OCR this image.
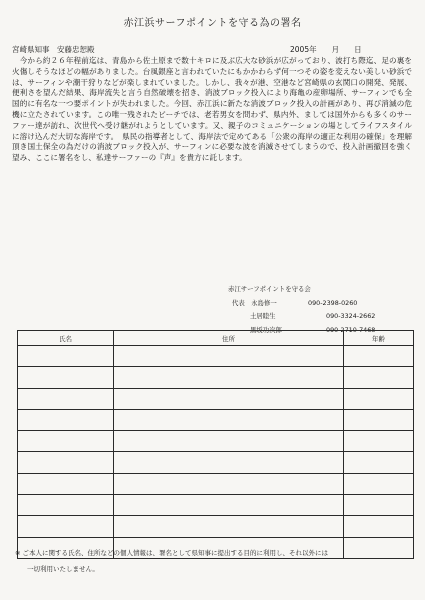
赤江浜サーフポイントを守る為の署名
宮崎県知事　安藤忠恕殿	2005年　　月　　日

　今から約２６年程前迄は、青島から佐土原まで数十キロに及ぶ広大な砂浜が広がっており、波打ち際迄、足の裏を火傷しそうなほどの幅がありました。台風銀座と言われていたにもかかわらず何一つその姿を変えない美しい砂浜では、サーフィンや潮干狩りなどが楽しまれていました。しかし、我々が港、空港など宮崎県の玄関口の開発、発展、便利さを望んだ結果、海岸流失と言う自然破壊を招き、消波ブロック投入により海亀の産卵場所、サーフィンでも全国的に有名な一つ要ポイントが失われました。今回、赤江浜に新たな消波ブロック投入の計画があり、再び消滅の危機に立たされています。この唯一残されたビーチでは、老若男女を問わず、県内外、ましては国外からも多くのサーファー達が訪れ、次世代へ受け継がれようとしています。又、親子のコミュニケーションの場としてライフスタイルに溶け込んだ大切な海岸です。　県民の指導者として、海岸法で定めてある「公衆の海岸の適正な利用の確保」を理解頂き国土保全の為だけの消波ブロック投入が、サーフィンに必要な波を消滅させてしまうので、投入計画撤回を強く望み、ここに署名をし、私達サーファーの『声』を貴方に託します。

赤江サーフポイントを守る会
代表　永島修一	090-2398-0260
土居睦生	090-3324-2662
黒坂功次郎	090-2710-7468
氏名	住所	年齢

※ ご本人に関する氏名、住所などの個人情報は、署名として県知事に提出する目的に利用し、それ以外には
一切利用いたしません。
